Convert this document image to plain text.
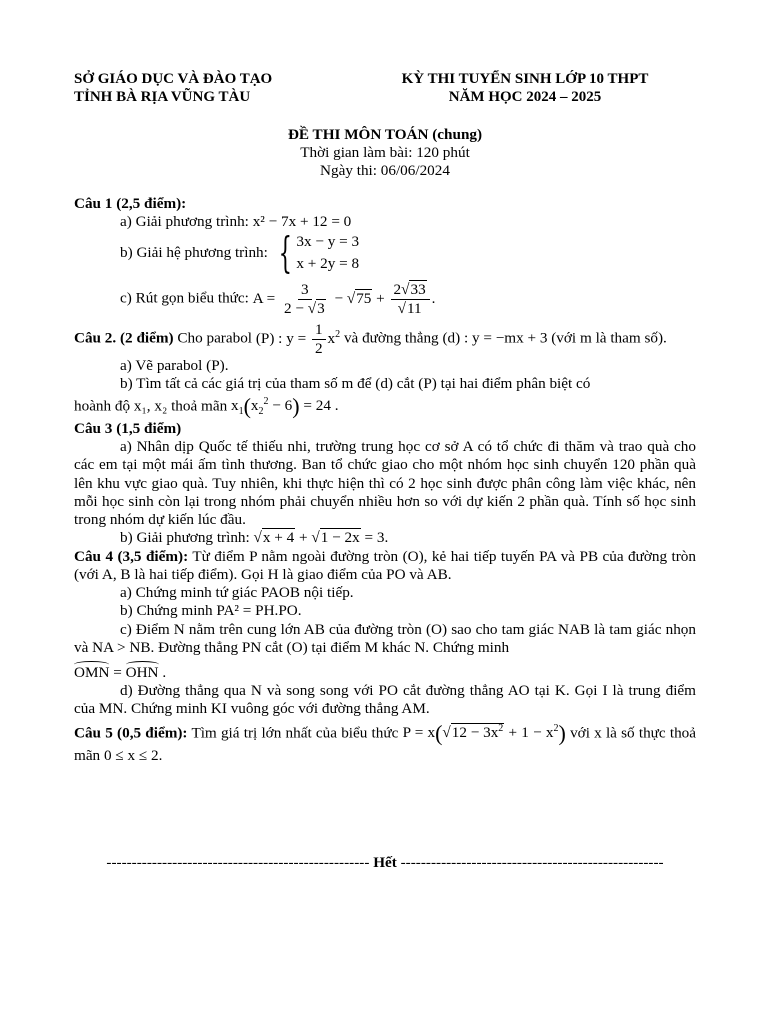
SỞ GIÁO DỤC VÀ ĐÀO TẠO
TỈNH BÀ RỊA VŨNG TÀU
KỲ THI TUYỂN SINH LỚP 10 THPT
NĂM HỌC 2024 – 2025
ĐỀ THI MÔN TOÁN (chung)
Thời gian làm bài: 120 phút
Ngày thi: 06/06/2024
Câu 1 (2,5 điểm):
a) Giải phương trình: x² − 7x + 12 = 0
b) Giải hệ phương trình:
{ 3x − y = 3
x + 2y = 8
c) Rút gọn biểu thức: $A = \frac{3}{2 - √3} - √75 + \frac{2√33}{√11}$ .
Câu 2. (2 điểm) Cho parabol (P) : $y = \frac{1}{2} x^2$ và đường thẳng (d) : y = −mx + 3 (với m là tham số).
a) Vẽ parabol (P).
b) Tìm tất cả các giá trị của tham số m để (d) cắt (P) tại hai điểm phân biệt có
hoành độ x₁, x₂ thoả mãn $x_1(x_2^2 - 6) = 24$ .
Câu 3 (1,5 điểm)
a) Nhân dịp Quốc tế thiếu nhi, trường trung học cơ sở A có tổ chức đi thăm và trao quà cho các em tại một mái ấm tình thương. Ban tổ chức giao cho một nhóm học sinh chuyển 120 phần quà lên khu vực giao quà. Tuy nhiên, khi thực hiện thì có 2 học sinh được phân công làm việc khác, nên mỗi học sinh còn lại trong nhóm phải chuyển nhiều hơn so với dự kiến 2 phần quà. Tính số học sinh trong nhóm dự kiến lúc đầu.
b) Giải phương trình: √x + 4 + √1 − 2x = 3.
Câu 4 (3,5 điểm): Từ điểm P nằm ngoài đường tròn (O), kẻ hai tiếp tuyến PA và PB của đường tròn (với A, B là hai tiếp điểm). Gọi H là giao điểm của PO và AB.
a) Chứng minh tứ giác PAOB nội tiếp.
b) Chứng minh PA² = PH.PO.
c) Điểm N nằm trên cung lớn AB của đường tròn (O) sao cho tam giác NAB là tam giác nhọn và NA > NB. Đường thẳng PN cắt (O) tại điểm M khác N. Chứng minh
OMN = OHN .
d) Đường thẳng qua N và song song với PO cắt đường thẳng AO tại K. Gọi I là trung điểm của MN. Chứng minh KI vuông góc với đường thẳng AM.
Câu 5 (0,5 điểm): Tìm giá trị lớn nhất của biểu thức $P = x(√12 - 3x^2 + 1 - x^2)$ với x là số thực thoả mãn 0 ≤ x ≤ 2.
---------------------------------------------------- Hết ----------------------------------------------------
